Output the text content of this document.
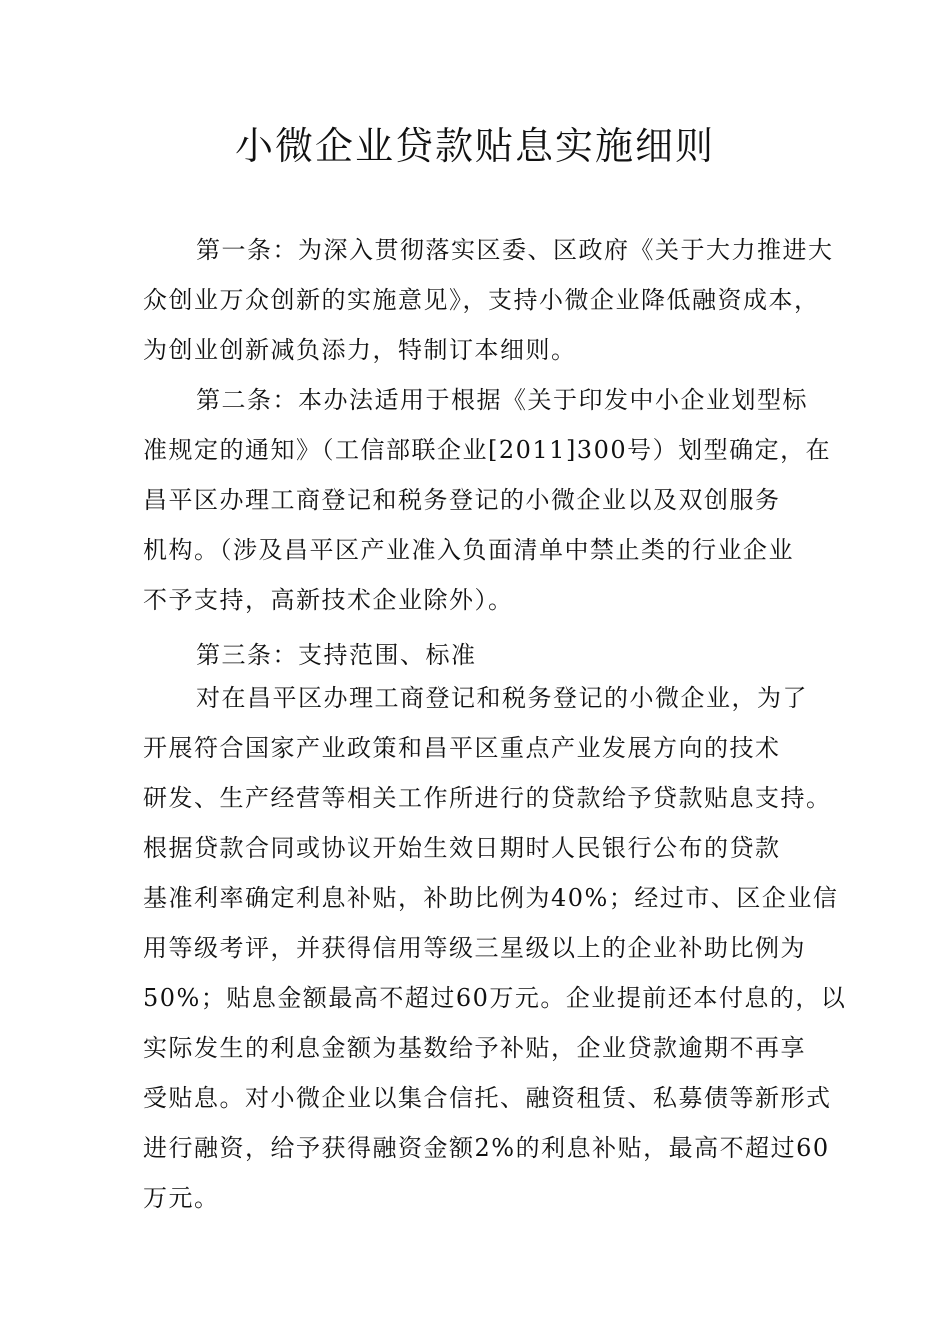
小微企业贷款贴息实施细则
第一条：为深入贯彻落实区委、区政府《关于大力推进大
众创业万众创新的实施意见》，支持小微企业降低融资成本，
为创业创新减负添力，特制订本细则。
第二条：本办法适用于根据《关于印发中小企业划型标
准规定的通知》（工信部联企业[2011]300号）划型确定，在
昌平区办理工商登记和税务登记的小微企业以及双创服务
机构。（涉及昌平区产业准入负面清单中禁止类的行业企业
不予支持，高新技术企业除外）。
第三条：支持范围、标准
对在昌平区办理工商登记和税务登记的小微企业，为了
开展符合国家产业政策和昌平区重点产业发展方向的技术
研发、生产经营等相关工作所进行的贷款给予贷款贴息支持。
根据贷款合同或协议开始生效日期时人民银行公布的贷款
基准利率确定利息补贴，补助比例为40%；经过市、区企业信
用等级考评，并获得信用等级三星级以上的企业补助比例为
50%；贴息金额最高不超过60万元。企业提前还本付息的，以
实际发生的利息金额为基数给予补贴，企业贷款逾期不再享
受贴息。对小微企业以集合信托、融资租赁、私募债等新形式
进行融资，给予获得融资金额2%的利息补贴，最高不超过60
万元。
